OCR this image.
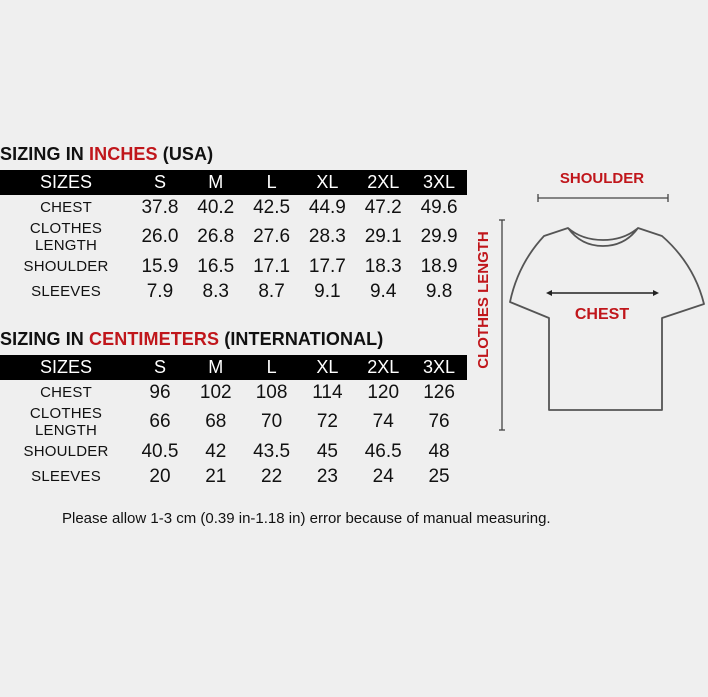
SIZING IN INCHES (USA)
SIZES	S	M	L	XL	2XL	3XL
CHEST	37.8	40.2	42.5	44.9	47.2	49.6
CLOTHES LENGTH	26.0	26.8	27.6	28.3	29.1	29.9
SHOULDER	15.9	16.5	17.1	17.7	18.3	18.9
SLEEVES	7.9	8.3	8.7	9.1	9.4	9.8
SIZING IN CENTIMETERS (INTERNATIONAL)
SIZES	S	M	L	XL	2XL	3XL
CHEST	96	102	108	114	120	126
CLOTHES LENGTH	66	68	70	72	74	76
SHOULDER	40.5	42	43.5	45	46.5	48
SLEEVES	20	21	22	23	24	25
SHOULDER
CLOTHES LENGTH	CHEST
Please allow 1-3 cm (0.39 in-1.18 in) error because of manual measuring.
